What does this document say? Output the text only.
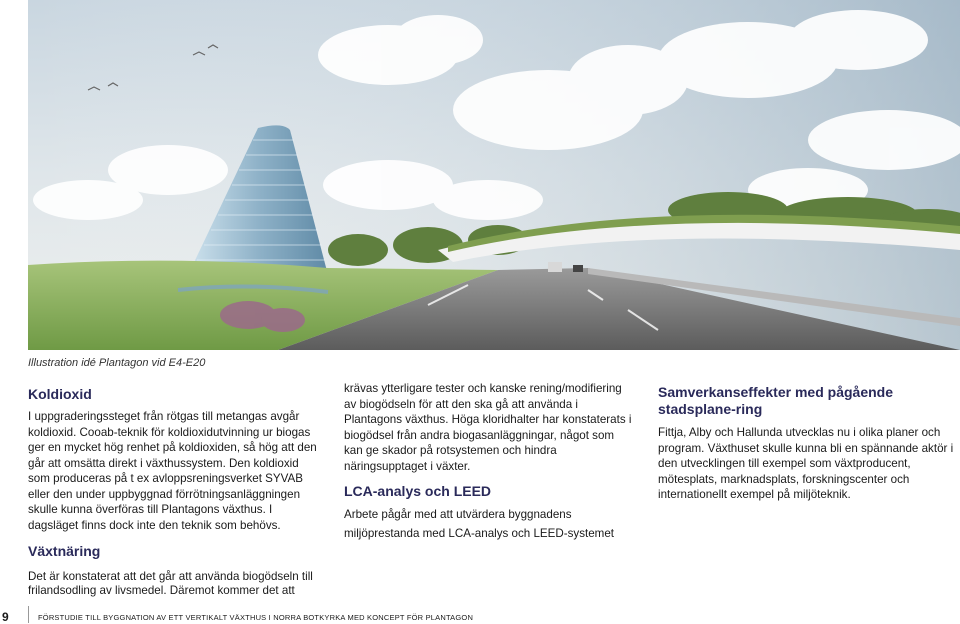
Illustration idé Plantagon vid E4-E20
Koldioxid

I uppgraderingssteget från rötgas till metangas avgår koldioxid. Cooab-teknik för koldioxidutvinning ur biogas ger en mycket hög renhet på koldioxiden, så hög att den går att omsätta direkt i växthussystem. Den koldioxid som produceras på t ex avloppsreningsverket SYVAB eller den under uppbyggnad förrötningsanläggningen skulle kunna överföras till Plantagons växthus. I dagsläget finns dock inte den teknik som behövs.

krävas ytterligare tester och kanske rening/modifiering av biogödseln för att den ska gå att använda i Plantagons växthus. Höga kloridhalter har konstaterats i biogödsel från andra biogasanläggningar, något som kan ge skador på rotsystemen och hindra näringsupptaget i växter.

LCA-analys och LEED

Arbete pågår med att utvärdera byggnadens miljöprestanda med LCA-analys och LEED-systemet

Samverkanseffekter med pågående stadsplane-ring

Fittja, Alby och Hallunda utvecklas nu i olika planer och program. Växthuset skulle kunna bli en spännande aktör i den utvecklingen till exempel som växtproducent, mötesplats, marknadsplats, forskningscenter och internationellt exempel på miljöteknik.

Växtnäring

Det är konstaterat att det går att använda biogödseln till frilandsodling av livsmedel. Däremot kommer det att

9	FÖRSTUDIE TILL BYGGNATION AV ETT VERTIKALT VÄXTHUS I NORRA BOTKYRKA MED KONCEPT FÖR PLANTAGON
